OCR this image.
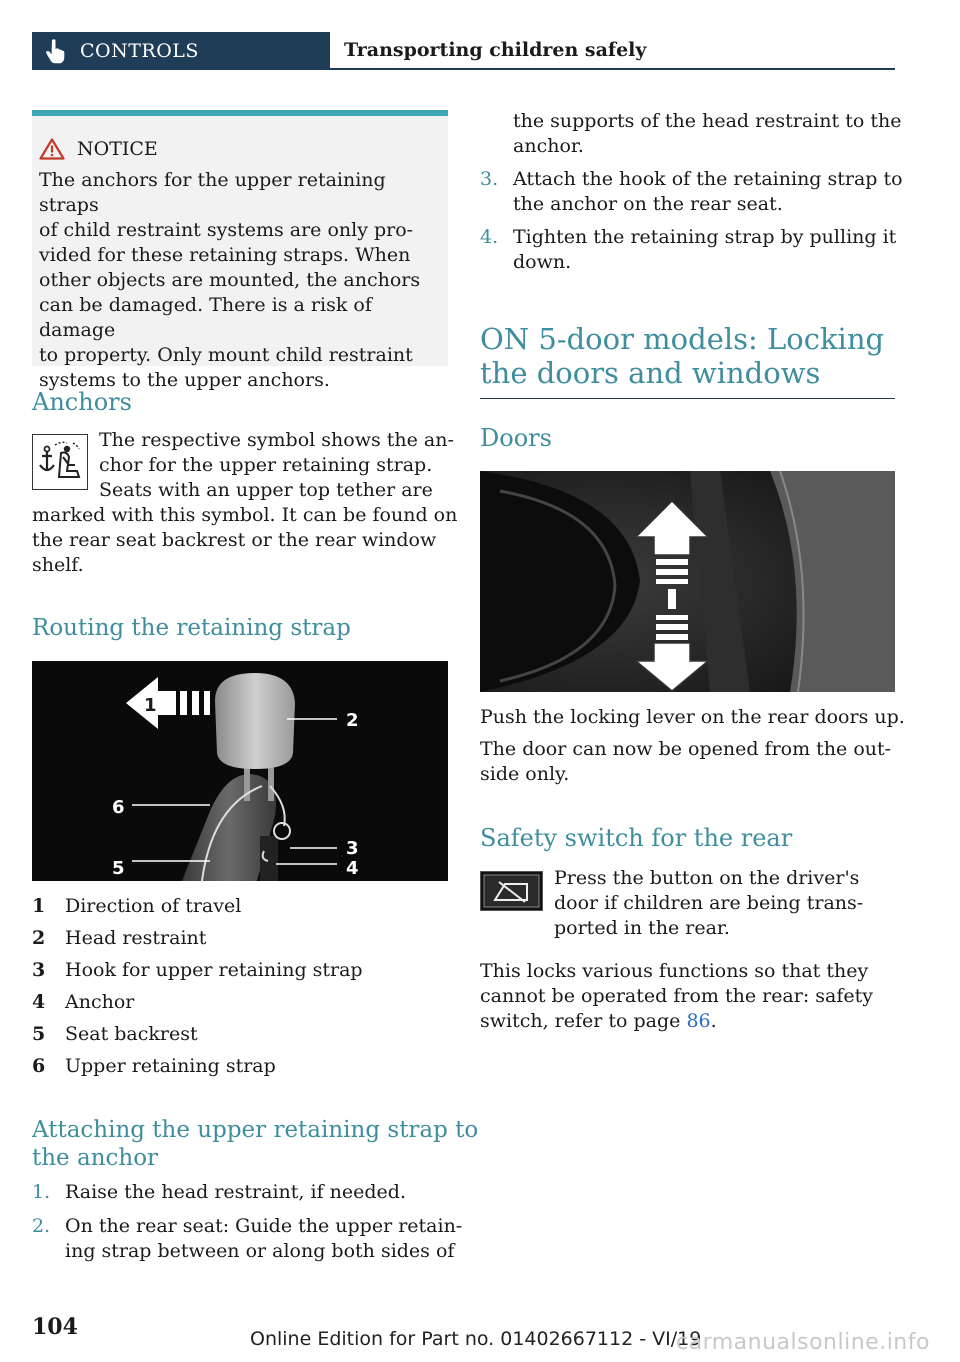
CONTROLS	Transporting children safely
NOTICE
The anchors for the upper retaining straps
of child restraint systems are only pro‐
vided for these retaining straps. When
other objects are mounted, the anchors
can be damaged. There is a risk of damage
to property. Only mount child restraint
systems to the upper anchors.
Anchors
The respective symbol shows the an‐
chor for the upper retaining strap.
Seats with an upper top tether are
marked with this symbol. It can be found on
the rear seat backrest or the rear window
shelf.
Routing the retaining strap
1
2
3
4
5
6
1	Direction of travel
2	Head restraint
3	Hook for upper retaining strap
4	Anchor
5	Seat backrest
6	Upper retaining strap
Attaching the upper retaining strap to
the anchor
1. Raise the head restraint, if needed.
2. On the rear seat: Guide the upper retain‐
ing strap between or along both sides of
the supports of the head restraint to the
anchor.
3. Attach the hook of the retaining strap to
the anchor on the rear seat.
4. Tighten the retaining strap by pulling it
down.
ON 5-door models: Locking
the doors and windows
Doors
Push the locking lever on the rear doors up.
The door can now be opened from the out‐
side only.
Safety switch for the rear
Press the button on the driver's
door if children are being trans‐
ported in the rear.
This locks various functions so that they
cannot be operated from the rear: safety
switch, refer to page 86.
104	Online Edition for Part no. 01402667112 - VI/19
carmanualsonline.info
